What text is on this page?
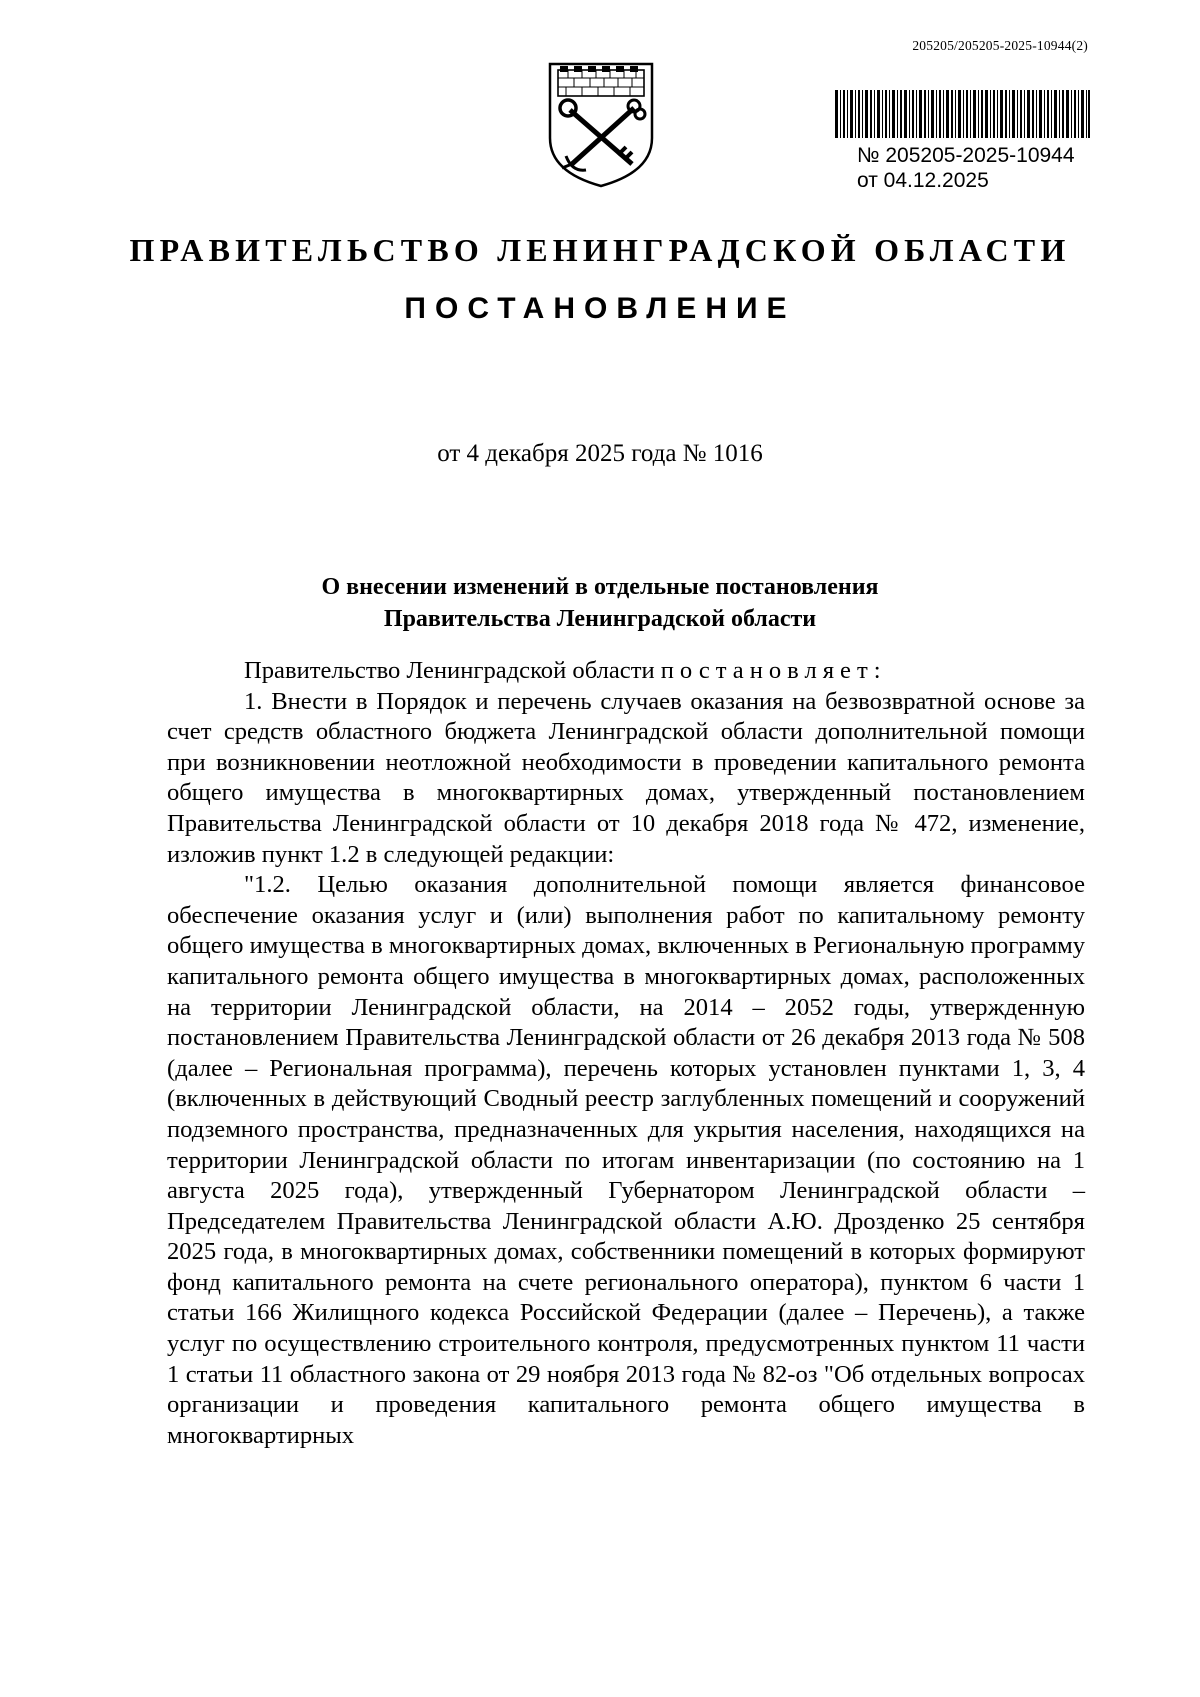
205205/205205-2025-10944(2)
№ 205205-2025-10944
от 04.12.2025
ПРАВИТЕЛЬСТВО ЛЕНИНГРАДСКОЙ ОБЛАСТИ
ПОСТАНОВЛЕНИЕ
от 4 декабря 2025 года № 1016
О внесении изменений в отдельные постановления
Правительства Ленинградской области

Правительство Ленинградской области постановляет:

1. Внести в Порядок и перечень случаев оказания на безвозвратной основе за счет средств областного бюджета Ленинградской области дополнительной помощи при возникновении неотложной необходимости в проведении капитального ремонта общего имущества в многоквартирных домах, утвержденный постановлением Правительства Ленинградской области от 10 декабря 2018 года № 472, изменение, изложив пункт 1.2 в следующей редакции:

"1.2. Целью оказания дополнительной помощи является финансовое обеспечение оказания услуг и (или) выполнения работ по капитальному ремонту общего имущества в многоквартирных домах, включенных в Региональную программу капитального ремонта общего имущества в многоквартирных домах, расположенных на территории Ленинградской области, на 2014 – 2052 годы, утвержденную постановлением Правительства Ленинградской области от 26 декабря 2013 года № 508 (далее – Региональная программа), перечень которых установлен пунктами 1, 3, 4 (включенных в действующий Сводный реестр заглубленных помещений и сооружений подземного пространства, предназначенных для укрытия населения, находящихся на территории Ленинградской области по итогам инвентаризации (по состоянию на 1 августа 2025 года), утвержденный Губернатором Ленинградской области – Председателем Правительства Ленинградской области А.Ю. Дрозденко 25 сентября 2025 года, в многоквартирных домах, собственники помещений в которых формируют фонд капитального ремонта на счете регионального оператора), пунктом 6 части 1 статьи 166 Жилищного кодекса Российской Федерации (далее – Перечень), а также услуг по осуществлению строительного контроля, предусмотренных пунктом 11 части 1 статьи 11 областного закона от 29 ноября 2013 года № 82-оз "Об отдельных вопросах организации и проведения капитального ремонта общего имущества в многоквартирных
